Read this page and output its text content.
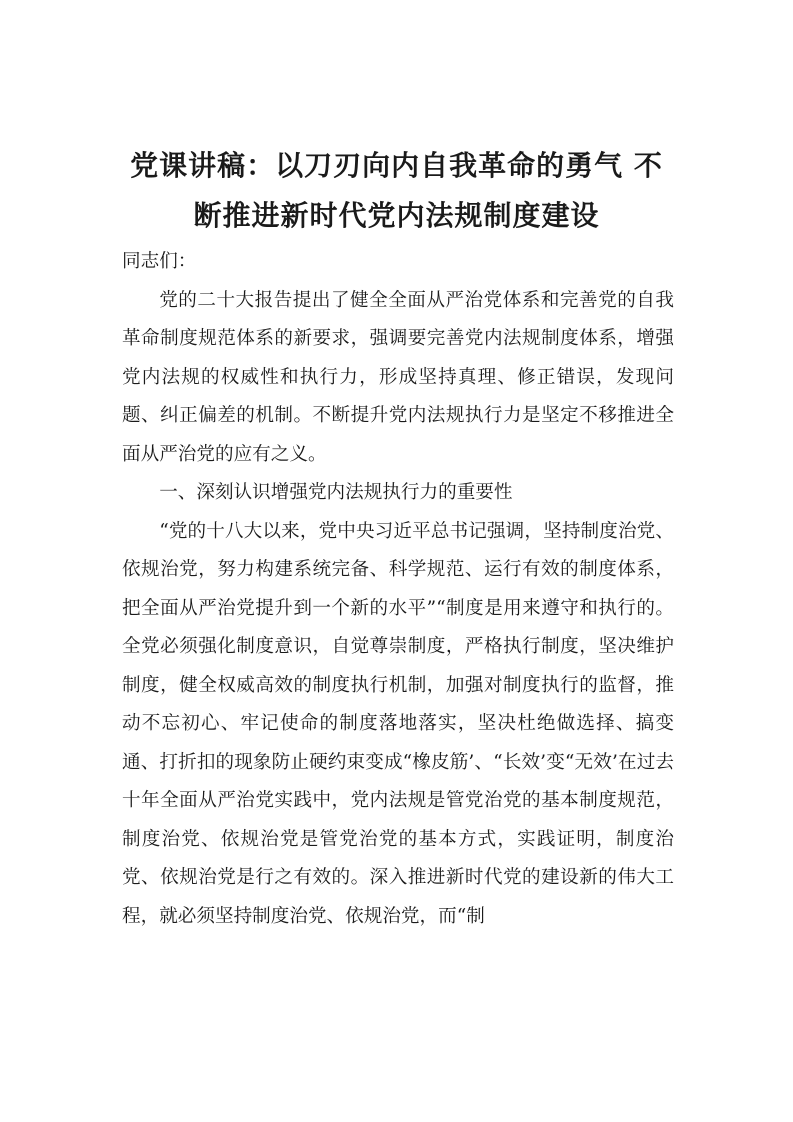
党课讲稿：以刀刃向内自我革命的勇气 不
断推进新时代党内法规制度建设

同志们：

党的二十大报告提出了健全全面从严治党体系和完善党的自我革命制度规范体系的新要求，强调要完善党内法规制度体系，增强党内法规的权威性和执行力，形成坚持真理、修正错误，发现问题、纠正偏差的机制。不断提升党内法规执行力是坚定不移推进全面从严治党的应有之义。

一、深刻认识增强党内法规执行力的重要性

“党的十八大以来，党中央习近平总书记强调，坚持制度治党、依规治党，努力构建系统完备、科学规范、运行有效的制度体系，把全面从严治党提升到一个新的水平”“制度是用来遵守和执行的。全党必须强化制度意识，自觉尊崇制度，严格执行制度，坚决维护制度，健全权威高效的制度执行机制，加强对制度执行的监督，推动不忘初心、牢记使命的制度落地落实，坚决杜绝做选择、搞变通、打折扣的现象防止硬约束变成“橡皮筋’、“长效’变“无效’在过去十年全面从严治党实践中，党内法规是管党治党的基本制度规范，制度治党、依规治党是管党治党的基本方式，实践证明，制度治党、依规治党是行之有效的。深入推进新时代党的建设新的伟大工程，就必须坚持制度治党、依规治党，而“制
